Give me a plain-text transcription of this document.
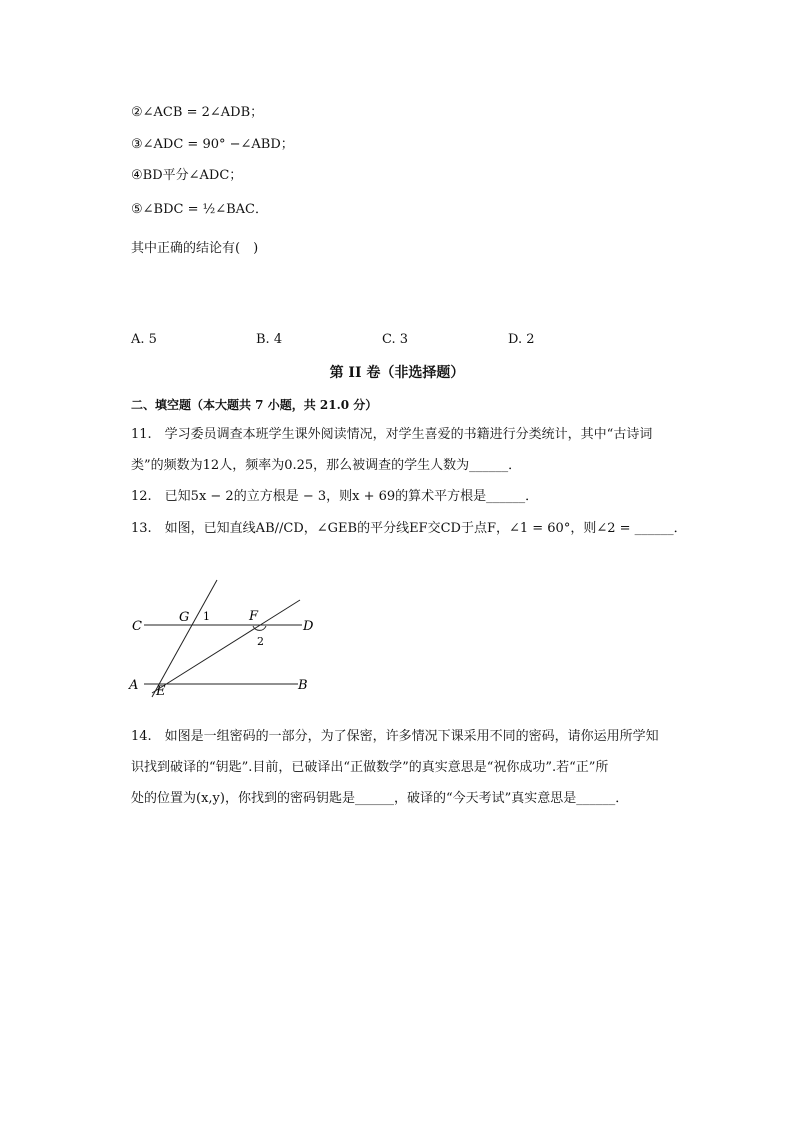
②∠ACB = 2∠ADB；
③∠ADC = 90° −∠ABD；
④BD平分∠ADC；
⑤∠BDC = ½∠BAC．
其中正确的结论有(　)
A. 5	B. 4	C. 3	D. 2
第 II 卷（非选择题）
二、填空题（本大题共 7 小题，共 21.0 分）
11.　学习委员调查本班学生课外阅读情况，对学生喜爱的书籍进行分类统计，其中“古诗词
类”的频数为12人，频率为0.25，那么被调查的学生人数为______．
12.　已知5x − 2的立方根是 − 3，则x + 69的算术平方根是______．
13.　如图，已知直线AB//CD，∠GEB的平分线EF交CD于点F，∠1 = 60°，则∠2 = ______．
C
G 1	F
D
2
A E	B
14.　如图是一组密码的一部分，为了保密，许多情况下课采用不同的密码，请你运用所学知
识找到破译的“钥匙”.目前，已破译出“正做数学”的真实意思是“祝你成功”.若“正”所
处的位置为(x,y)，你找到的密码钥匙是______，破译的“今天考试”真实意思是______．
